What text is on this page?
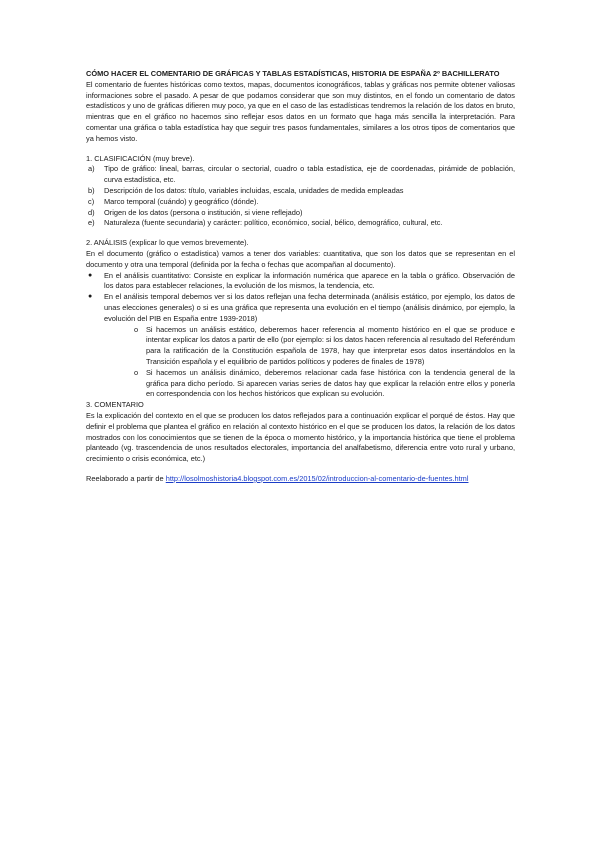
CÓMO HACER EL COMENTARIO DE GRÁFICAS Y TABLAS ESTADÍSTICAS, HISTORIA DE ESPAÑA 2º BACHILLERATO

El comentario de fuentes históricas como textos, mapas, documentos iconográficos, tablas y gráficas nos permite obtener valiosas informaciones sobre el pasado. A pesar de que podamos considerar que son muy distintos, en el fondo un comentario de datos estadísticos y uno de gráficas difieren muy poco, ya que en el caso de las estadísticas tendremos la relación de los datos en bruto, mientras que en el gráfico no hacemos sino reflejar esos datos en un formato que haga más sencilla la interpretación. Para comentar una gráfica o tabla estadística hay que seguir tres pasos fundamentales, similares a los otros tipos de comentarios que ya hemos visto.

1. CLASIFICACIÓN (muy breve).

a) Tipo de gráfico: lineal, barras, circular o sectorial, cuadro o tabla estadística, eje de coordenadas, pirámide de población, curva estadística, etc.
b) Descripción de los datos: título, variables incluidas, escala, unidades de medida empleadas
c) Marco temporal (cuándo) y geográfico (dónde).
d) Origen de los datos (persona o institución, si viene reflejado)
e) Naturaleza (fuente secundaria) y carácter: político, económico, social, bélico, demográfico, cultural, etc.

2. ANÁLISIS (explicar lo que vemos brevemente).

En el documento (gráfico o estadística) vamos a tener dos variables: cuantitativa, que son los datos que se representan en el documento y otra una temporal (definida por la fecha o fechas que acompañan al documento).

● En el análisis cuantitativo: Consiste en explicar la información numérica que aparece en la tabla o gráfico. Observación de los datos para establecer relaciones, la evolución de los mismos, la tendencia, etc.
● En el análisis temporal debemos ver si los datos reflejan una fecha determinada (análisis estático, por ejemplo, los datos de unas elecciones generales) o si es una gráfica que representa una evolución en el tiempo (análisis dinámico, por ejemplo, la evolución del PIB en España entre 1939-2018)
o Si hacemos un análisis estático, deberemos hacer referencia al momento histórico en el que se produce e intentar explicar los datos a partir de ello (por ejemplo: si los datos hacen referencia al resultado del Referéndum para la ratificación de la Constitución española de 1978, hay que interpretar esos datos insertándolos en la Transición española y el equilibrio de partidos políticos y poderes de finales de 1978)
o Si hacemos un análisis dinámico, deberemos relacionar cada fase histórica con la tendencia general de la gráfica para dicho período. Si aparecen varias series de datos hay que explicar la relación entre ellos y ponerla en correspondencia con los hechos históricos que explican su evolución.

3. COMENTARIO

Es la explicación del contexto en el que se producen los datos reflejados para a continuación explicar el porqué de éstos. Hay que definir el problema que plantea el gráfico en relación al contexto histórico en el que se producen los datos, la relación de los datos mostrados con los conocimientos que se tienen de la época o momento histórico, y la importancia histórica que tiene el problema planteado (vg. trascendencia de unos resultados electorales, importancia del analfabetismo, diferencia entre voto rural y urbano, crecimiento o crisis económica, etc.)

Reelaborado a partir de http://losolmoshistoria4.blogspot.com.es/2015/02/introduccion-al-comentario-de-fuentes.html
